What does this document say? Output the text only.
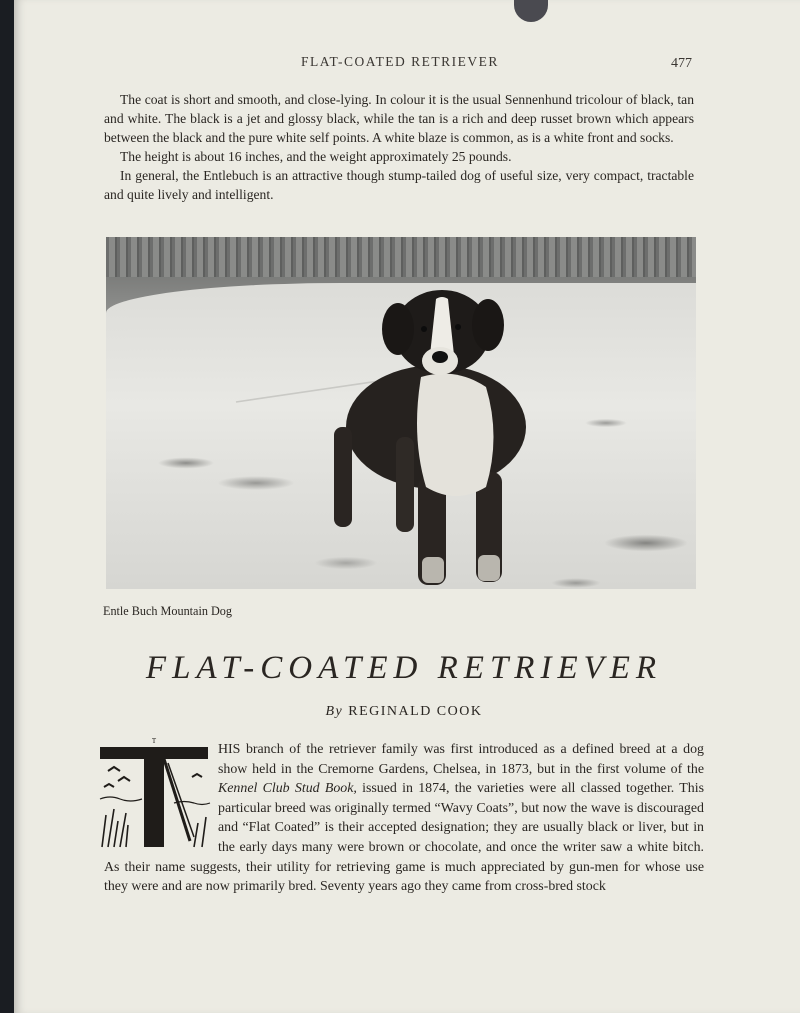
FLAT-COATED RETRIEVER	477

The coat is short and smooth, and close-lying. In colour it is the usual Sennenhund tricolour of black, tan and white. The black is a jet and glossy black, while the tan is a rich and deep russet brown which appears between the black and the pure white self points. A white blaze is common, as is a white front and socks.

The height is about 16 inches, and the weight approximately 25 pounds.

In general, the Entlebuch is an attractive though stump-tailed dog of useful size, very compact, tractable and quite lively and intelligent.

Entle Buch Mountain Dog
FLAT-COATED RETRIEVER
By REGINALD COOK
T

HIS branch of the retriever family was first introduced as a defined breed at a dog show held in the Cremorne Gardens, Chelsea, in 1873, but in the first volume of the Kennel Club Stud Book, issued in 1874, the varieties were all classed together. This particular breed was originally termed “Wavy Coats”, but now the wave is discouraged and “Flat Coated” is their accepted designation; they are usually black or liver, but in the early days many were brown or chocolate, and once the writer saw a white bitch. As their name suggests, their utility for retrieving game is much appreciated by gun-men for whose use they were and are now primarily bred. Seventy years ago they came from cross-bred stock
